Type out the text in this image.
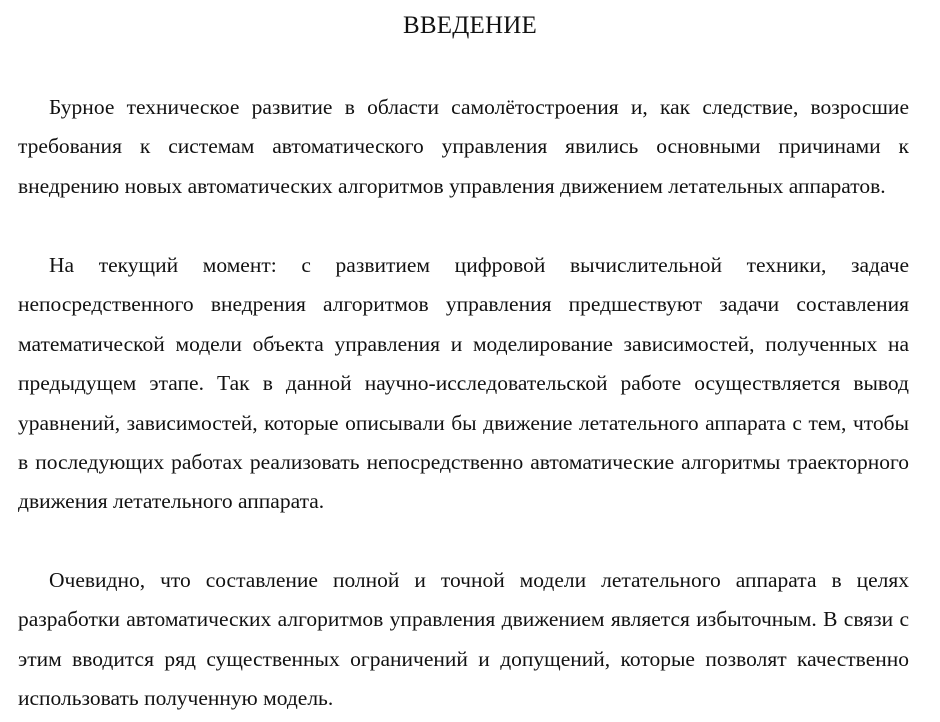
ВВЕДЕНИЕ

Бурное техническое развитие в области самолётостроения и, как следствие, возросшие требования к системам автоматического управления явились основными причинами к внедрению новых автоматических алгоритмов управления движением летательных аппаратов.

На текущий момент: с развитием цифровой вычислительной техники, задаче непосредственного внедрения алгоритмов управления предшествуют задачи составления математической модели объекта управления и моделирование зависимостей, полученных на предыдущем этапе. Так в данной научно-исследовательской работе осуществляется вывод уравнений, зависимостей, которые описывали бы движение летательного аппарата с тем, чтобы в последующих работах реализовать непосредственно автоматические алгоритмы траекторного движения летательного аппарата.

Очевидно, что составление полной и точной модели летательного аппарата в целях разработки автоматических алгоритмов управления движением является избыточным. В связи с этим вводится ряд существенных ограничений и допущений, которые позволят качественно использовать полученную модель.
